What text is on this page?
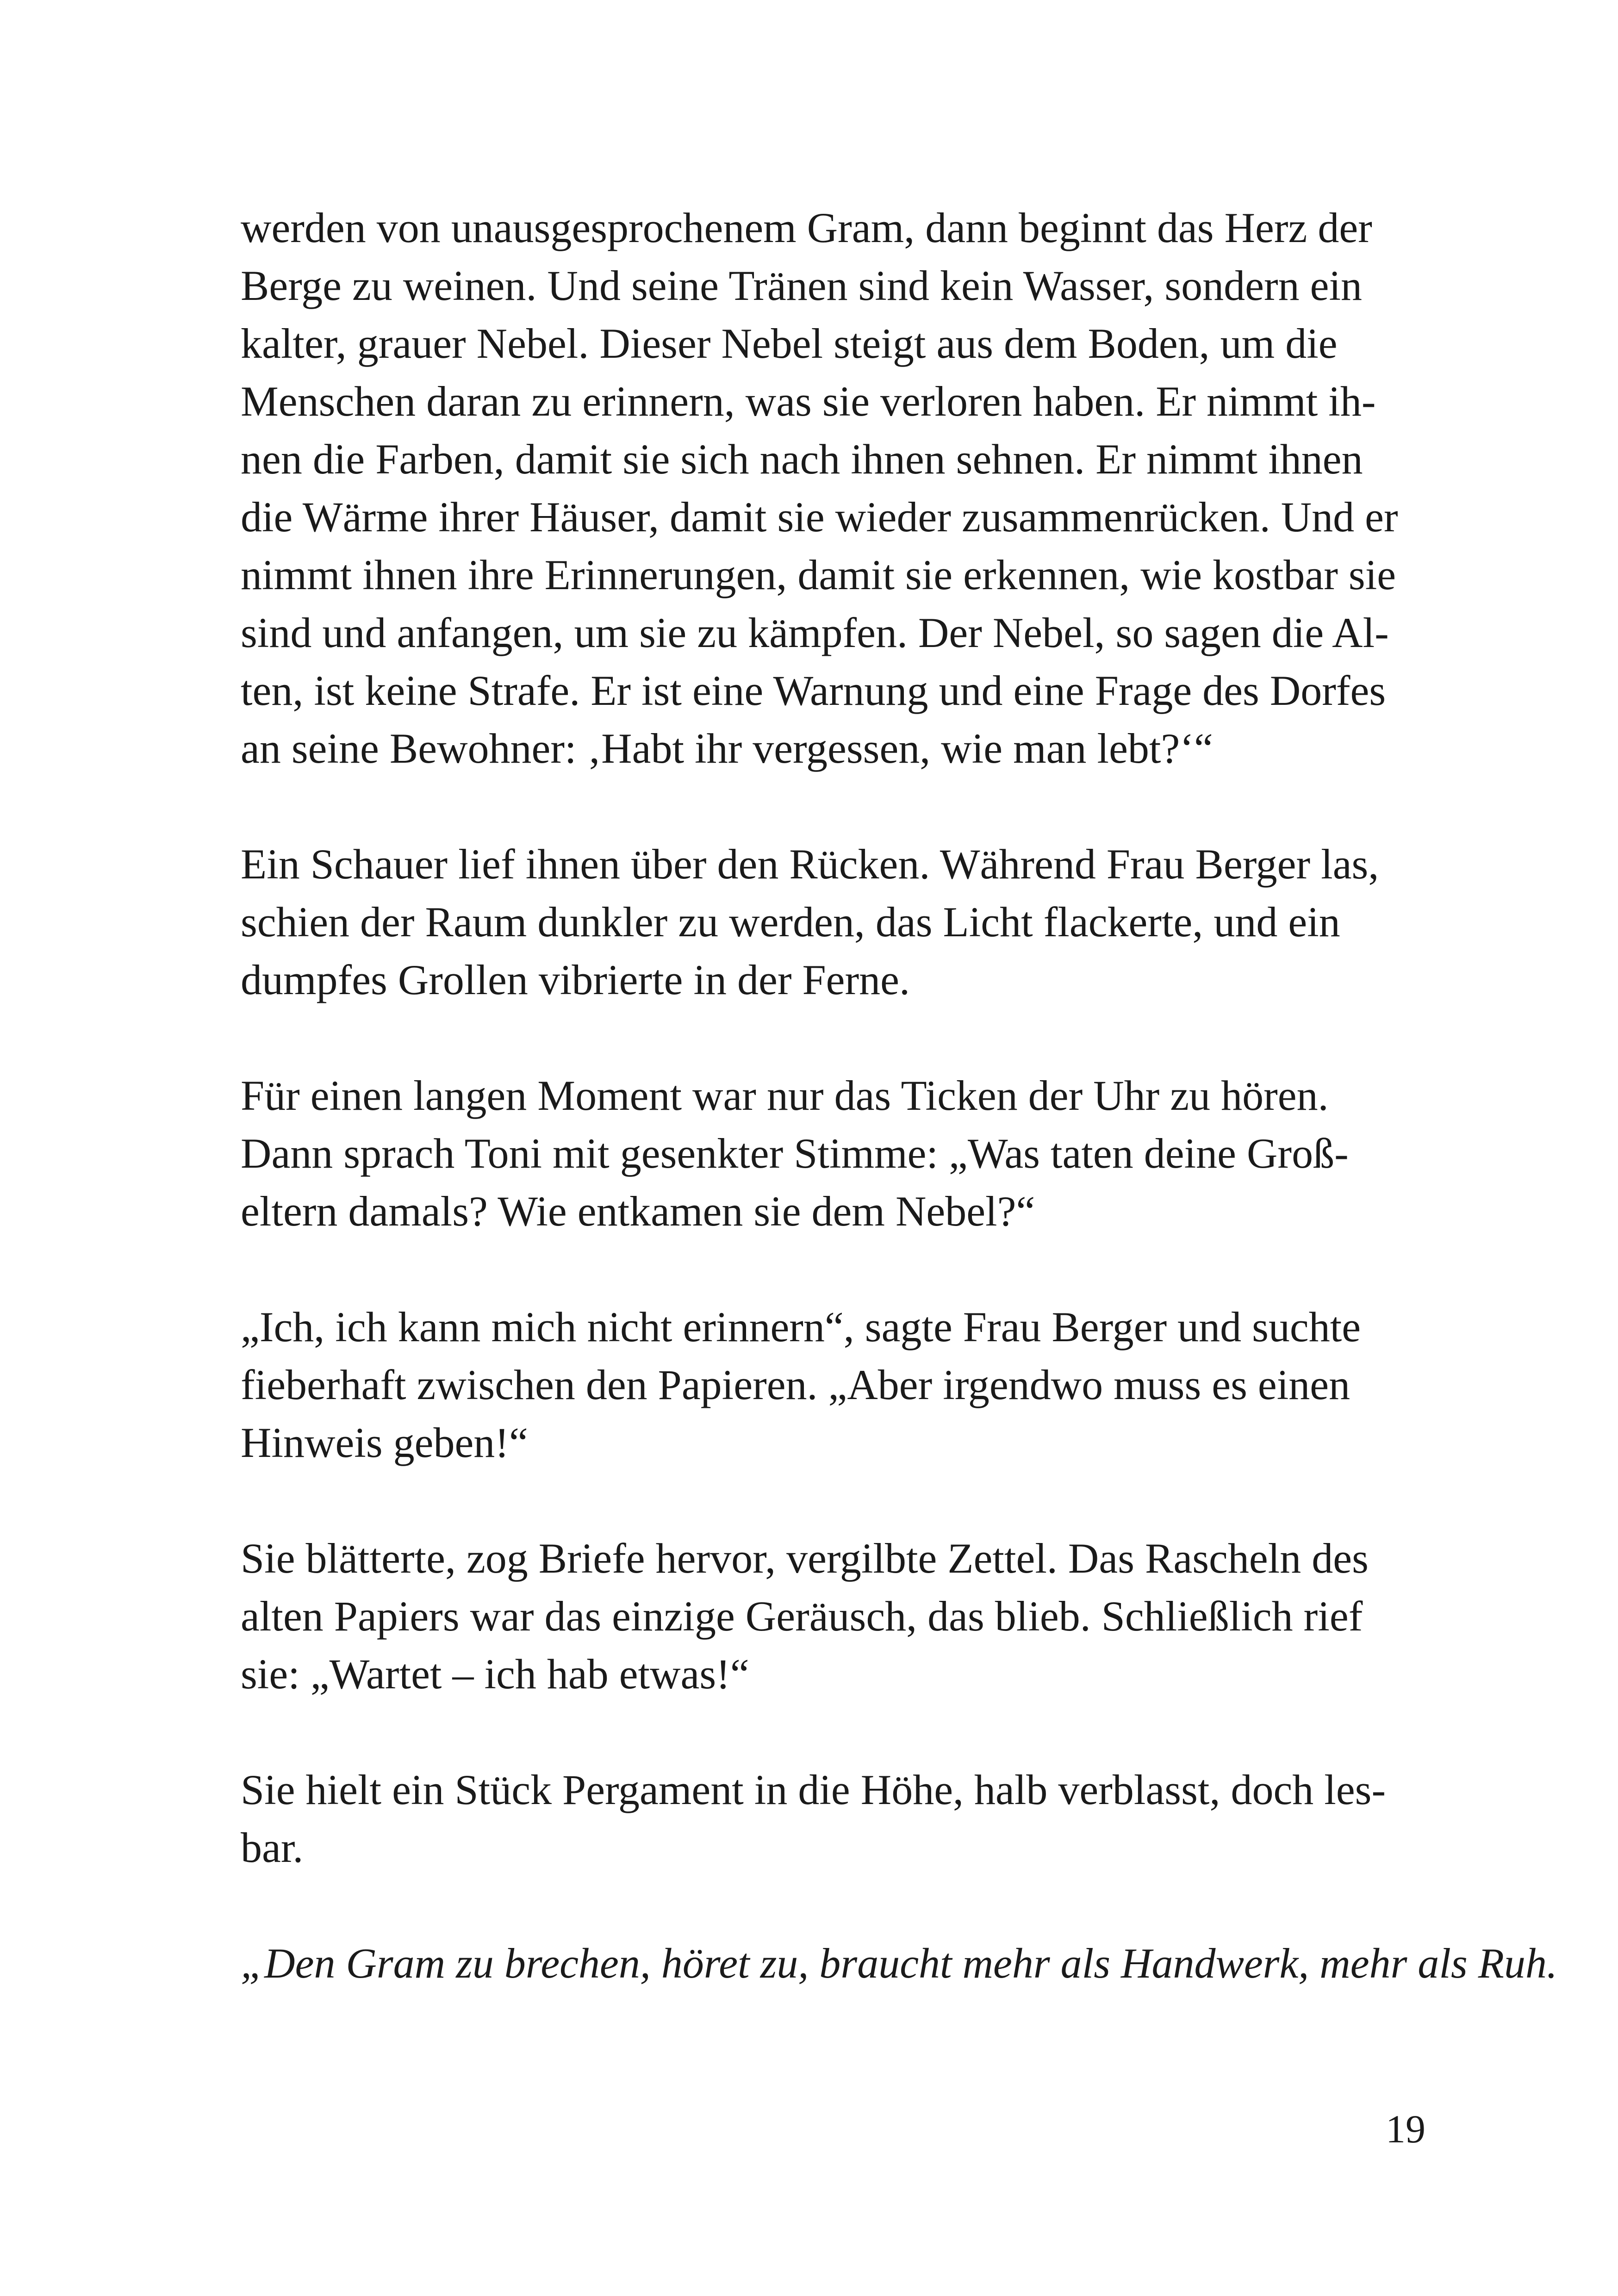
werden von unausgesprochenem Gram, dann beginnt das Herz der
Berge zu weinen. Und seine Tränen sind kein Wasser, sondern ein
kalter, grauer Nebel. Dieser Nebel steigt aus dem Boden, um die
Menschen daran zu erinnern, was sie verloren haben. Er nimmt ih-
nen die Farben, damit sie sich nach ihnen sehnen. Er nimmt ihnen
die Wärme ihrer Häuser, damit sie wieder zusammenrücken. Und er
nimmt ihnen ihre Erinnerungen, damit sie erkennen, wie kostbar sie
sind und anfangen, um sie zu kämpfen. Der Nebel, so sagen die Al-
ten, ist keine Strafe. Er ist eine Warnung und eine Frage des Dorfes
an seine Bewohner: ‚Habt ihr vergessen, wie man lebt?‘“

Ein Schauer lief ihnen über den Rücken. Während Frau Berger las,
schien der Raum dunkler zu werden, das Licht flackerte, und ein
dumpfes Grollen vibrierte in der Ferne.

Für einen langen Moment war nur das Ticken der Uhr zu hören.
Dann sprach Toni mit gesenkter Stimme: „Was taten deine Groß-
eltern damals? Wie entkamen sie dem Nebel?“

„Ich, ich kann mich nicht erinnern“, sagte Frau Berger und suchte
fieberhaft zwischen den Papieren. „Aber irgendwo muss es einen
Hinweis geben!“

Sie blätterte, zog Briefe hervor, vergilbte Zettel. Das Rascheln des
alten Papiers war das einzige Geräusch, das blieb. Schließlich rief
sie: „Wartet – ich hab etwas!“

Sie hielt ein Stück Pergament in die Höhe, halb verblasst, doch les-
bar.

„Den Gram zu brechen, höret zu, braucht mehr als Handwerk, mehr als Ruh.

19
